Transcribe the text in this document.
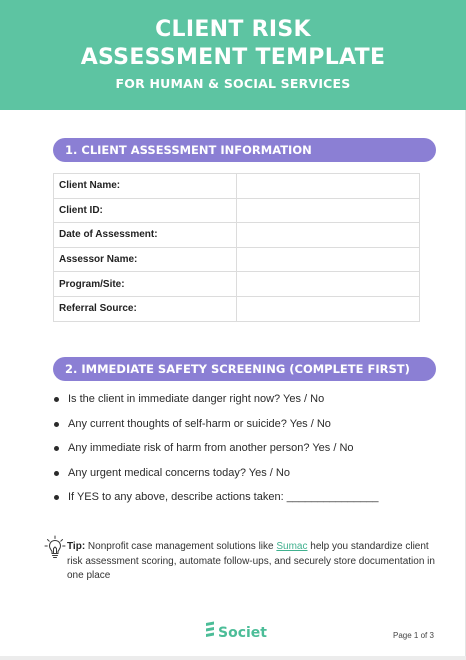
CLIENT RISK
ASSESSMENT TEMPLATE
FOR HUMAN & SOCIAL SERVICES
1. CLIENT ASSESSMENT INFORMATION
Client Name:	
Client ID:	
Date of Assessment:	
Assessor Name:	
Program/Site:	
Referral Source:	
2. IMMEDIATE SAFETY SCREENING (COMPLETE FIRST)
Is the client in immediate danger right now? Yes / No
Any current thoughts of self-harm or suicide? Yes / No
Any immediate risk of harm from another person? Yes / No
Any urgent medical concerns today? Yes / No
If YES to any above, describe actions taken: _______________
Tip: Nonprofit case management solutions like Sumac help you standardize client risk assessment scoring, automate follow-ups, and securely store documentation in one place
Societ	Page 1 of 3
